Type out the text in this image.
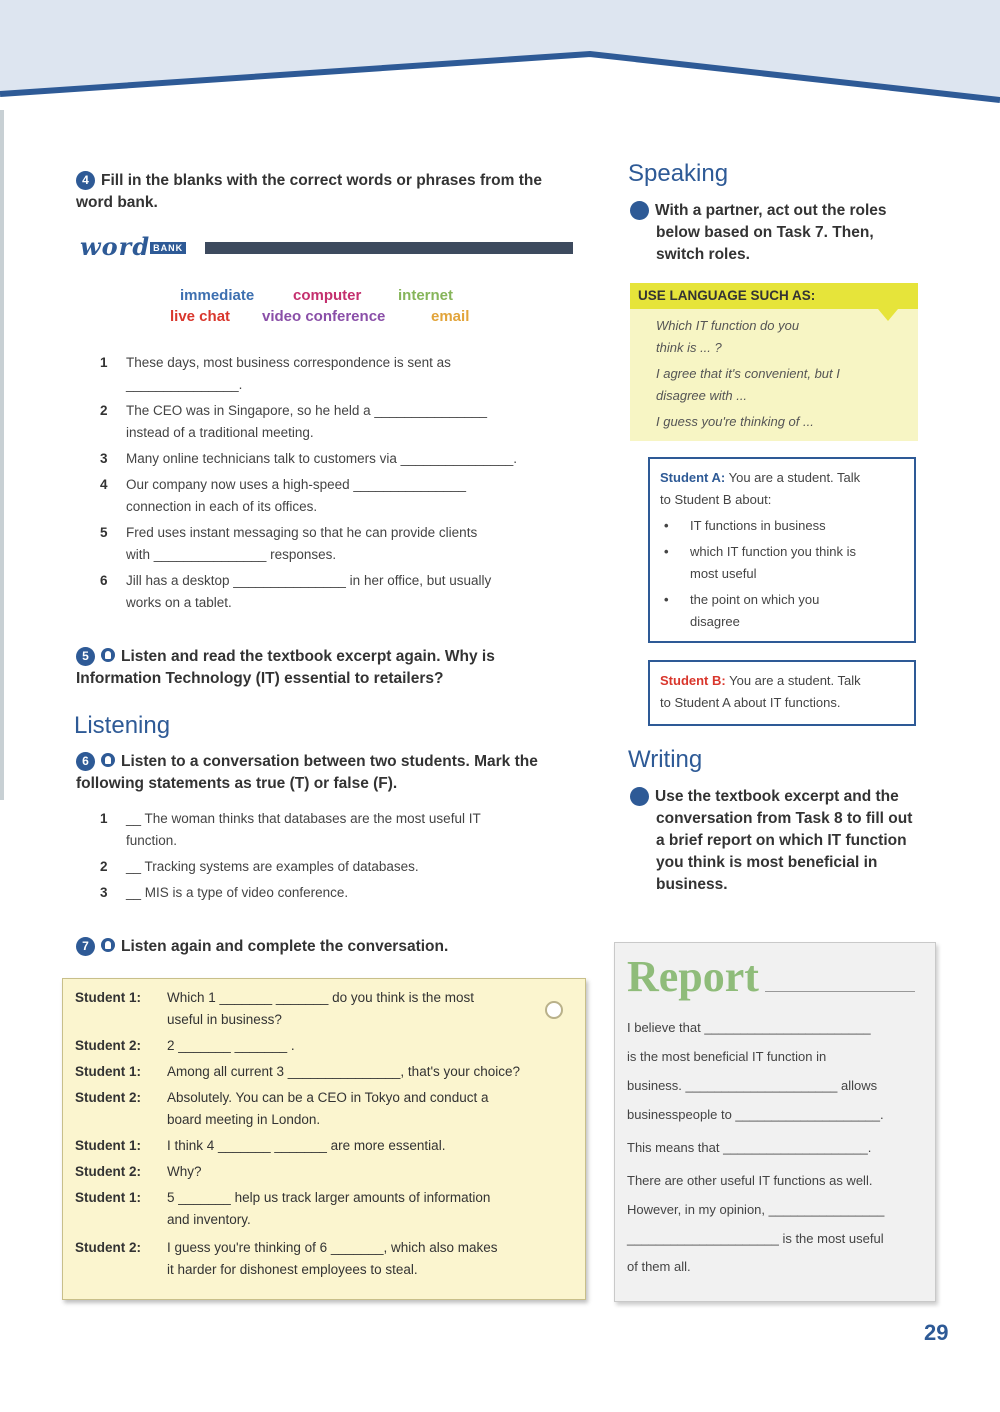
4 Fill in the blanks with the correct words or phrases from the word bank.
word BANK
immediate	computer internet
live chat video conference	email
1 These days, most business correspondence is sent as
_______________.
2 The CEO was in Singapore, so he held a _______________
instead of a traditional meeting.
3 Many online technicians talk to customers via _______________.
4 Our company now uses a high-speed _______________
connection in each of its offices.
5 Fred uses instant messaging so that he can provide clients
with _______________ responses.
6 Jill has a desktop _______________ in her office, but usually
works on a tablet.
5 Listen and read the textbook excerpt again. Why is Information Technology (IT) essential to retailers?
Listening
6 Listen to a conversation between two students. Mark the following statements as true (T) or false (F).
1 __ The woman thinks that databases are the most useful IT
function.
2 __ Tracking systems are examples of databases.
3 __ MIS is a type of video conference.
7 Listen again and complete the conversation.
Student 1: Which 1 _______ _______ do you think is the most
useful in business?
Student 2: 2 _______ _______ .
Student 1: Among all current 3 _______________, that's your choice?
Student 2: Absolutely. You can be a CEO in Tokyo and conduct a
board meeting in London.
Student 1: I think 4 _______ _______ are more essential.
Student 2: Why?
Student 1: 5 _______ help us track larger amounts of information
and inventory.
Student 2: I guess you're thinking of 6 _______, which also makes
it harder for dishonest employees to steal.
Speaking
8 With a partner, act out the roles below based on Task 7. Then, switch roles.
USE LANGUAGE SUCH AS:
Which IT function do you
think is ... ?
I agree that it's convenient, but I
disagree with ...
I guess you're thinking of ...
Student A: You are a student. Talk
to Student B about:
• IT functions in business
• which IT function you think is
most useful
• the point on which you
disagree
Student B: You are a student. Talk
to Student A about IT functions.
Writing
9 Use the textbook excerpt and the conversation from Task 8 to fill out a brief report on which IT function you think is most beneficial in business.
Report
I believe that _______________________
is the most beneficial IT function in
business. _____________________ allows
businesspeople to ____________________.
This means that ____________________.
There are other useful IT functions as well.
However, in my opinion, ________________
_____________________ is the most useful
of them all.
29
